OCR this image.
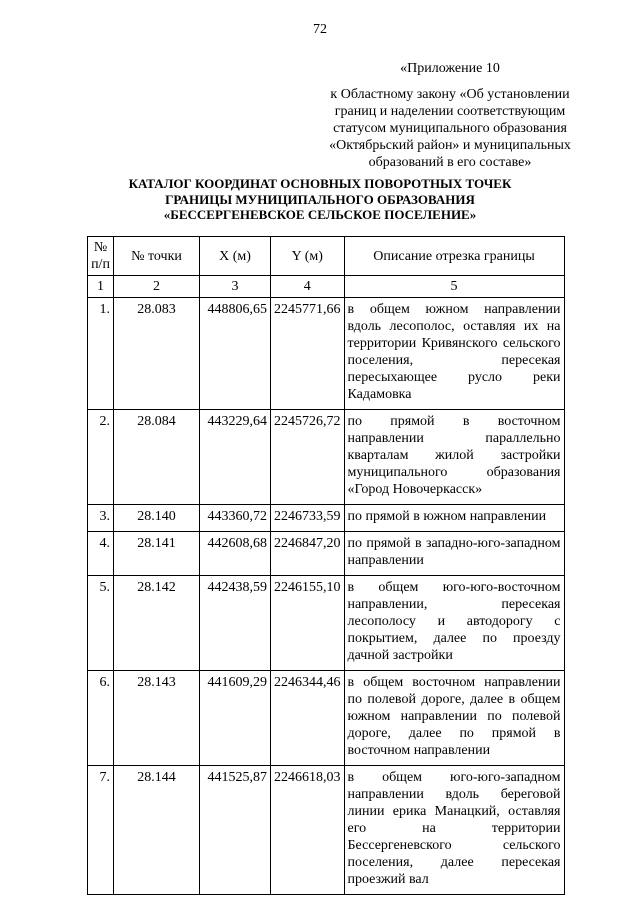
72
«Приложение 10
к Областному закону «Об установлении
границ и наделении соответствующим
статусом муниципального образования
«Октябрьский район» и муниципальных
образований в его составе»
КАТАЛОГ КООРДИНАТ ОСНОВНЫХ ПОВОРОТНЫХ ТОЧЕК
ГРАНИЦЫ МУНИЦИПАЛЬНОГО ОБРАЗОВАНИЯ
«БЕССЕРГЕНЕВСКОЕ СЕЛЬСКОЕ ПОСЕЛЕНИЕ»
№
п/п	№ точки	X (м)	Y (м)	Описание отрезка границы
1	2	3	4	5
1.	28.083	448806,65	2245771,66	в общем южном направлении вдоль лесополос, оставляя их на территории Кривянского сельского поселения, пересекая пересыхающее русло реки Кадамовка
2.	28.084	443229,64	2245726,72	по прямой в восточном направлении параллельно кварталам жилой застройки муниципального образования «Город Новочеркасск»
3.	28.140	443360,72	2246733,59	по прямой в южном направлении
4.	28.141	442608,68	2246847,20	по прямой в западно-юго-западном направлении
5.	28.142	442438,59	2246155,10	в общем юго-юго-восточном направлении, пересекая лесополосу и автодорогу с покрытием, далее по проезду дачной застройки
6.	28.143	441609,29	2246344,46	в общем восточном направлении по полевой дороге, далее в общем южном направлении по полевой дороге, далее по прямой в восточном направлении
7.	28.144	441525,87	2246618,03	в общем юго-юго-западном направлении вдоль береговой линии ерика Манацкий, оставляя его на территории Бессергеневского сельского поселения, далее пересекая проезжий вал
